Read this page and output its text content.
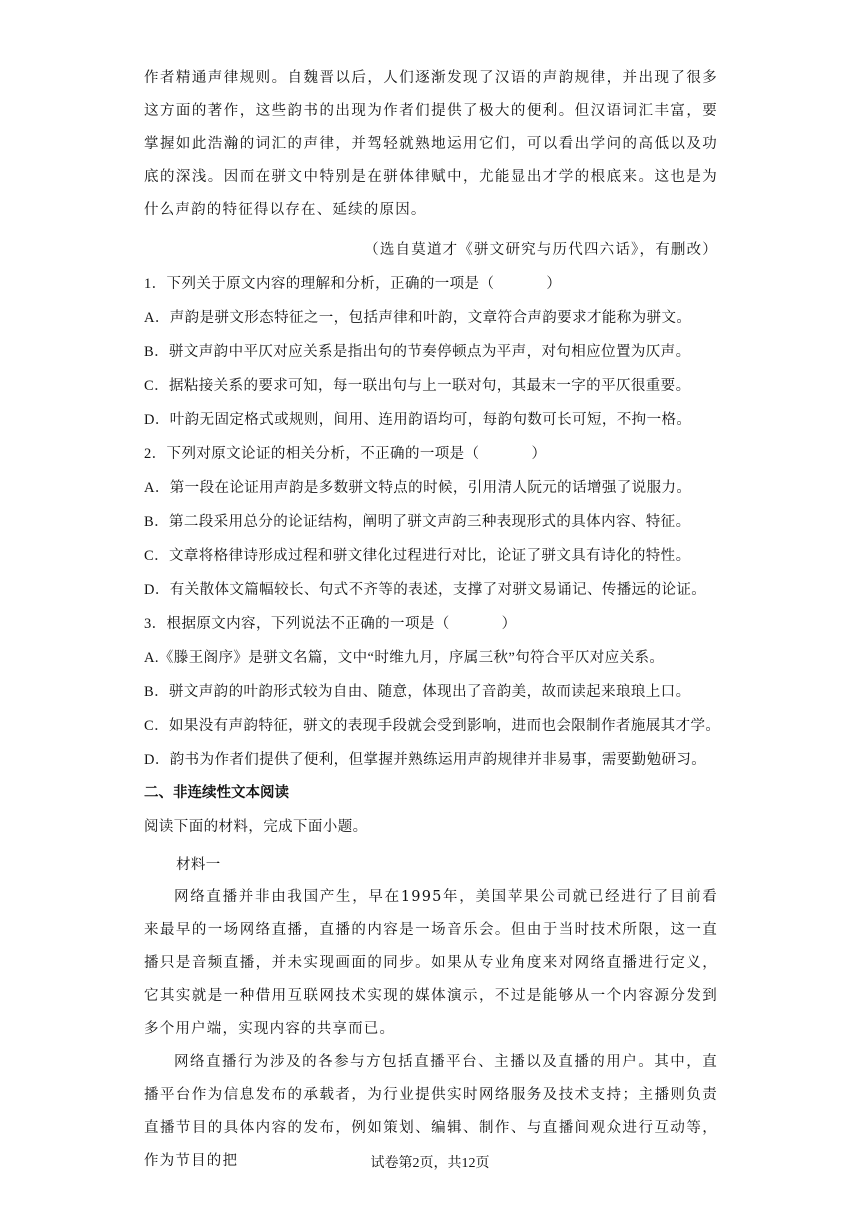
作者精通声律规则。自魏晋以后，人们逐渐发现了汉语的声韵规律，并出现了很多这方面的著作，这些韵书的出现为作者们提供了极大的便利。但汉语词汇丰富，要掌握如此浩瀚的词汇的声律，并驾轻就熟地运用它们，可以看出学问的高低以及功底的深浅。因而在骈文中特别是在骈体律赋中，尤能显出才学的根底来。这也是为什么声韵的特征得以存在、延续的原因。

（选自莫道才《骈文研究与历代四六话》，有删改）

1．下列关于原文内容的理解和分析，正确的一项是（	）
A．声韵是骈文形态特征之一，包括声律和叶韵，文章符合声韵要求才能称为骈文。
B．骈文声韵中平仄对应关系是指出句的节奏停顿点为平声，对句相应位置为仄声。
C．据粘接关系的要求可知，每一联出句与上一联对句，其最末一字的平仄很重要。
D．叶韵无固定格式或规则，间用、连用韵语均可，每韵句数可长可短，不拘一格。
2．下列对原文论证的相关分析，不正确的一项是（	）
A．第一段在论证用声韵是多数骈文特点的时候，引用清人阮元的话增强了说服力。
B．第二段采用总分的论证结构，阐明了骈文声韵三种表现形式的具体内容、特征。
C．文章将格律诗形成过程和骈文律化过程进行对比，论证了骈文具有诗化的特性。
D．有关散体文篇幅较长、句式不齐等的表述，支撑了对骈文易诵记、传播远的论证。
3．根据原文内容，下列说法不正确的一项是（	）
A.《滕王阁序》是骈文名篇，文中“时维九月，序属三秋”句符合平仄对应关系。
B．骈文声韵的叶韵形式较为自由、随意，体现出了音韵美，故而读起来琅琅上口。
C．如果没有声韵特征，骈文的表现手段就会受到影响，进而也会限制作者施展其才学。
D．韵书为作者们提供了便利，但掌握并熟练运用声韵规律并非易事，需要勤勉研习。

二、非连续性文本阅读

阅读下面的材料，完成下面小题。

材料一

网络直播并非由我国产生，早在1995年，美国苹果公司就已经进行了目前看来最早的一场网络直播，直播的内容是一场音乐会。但由于当时技术所限，这一直播只是音频直播，并未实现画面的同步。如果从专业角度来对网络直播进行定义，它其实就是一种借用互联网技术实现的媒体演示，不过是能够从一个内容源分发到多个用户端，实现内容的共享而已。

网络直播行为涉及的各参与方包括直播平台、主播以及直播的用户。其中，直播平台作为信息发布的承载者，为行业提供实时网络服务及技术支持；主播则负责直播节目的具体内容的发布，例如策划、编辑、制作、与直播间观众进行互动等，作为节目的把	试卷第2页，共12页
